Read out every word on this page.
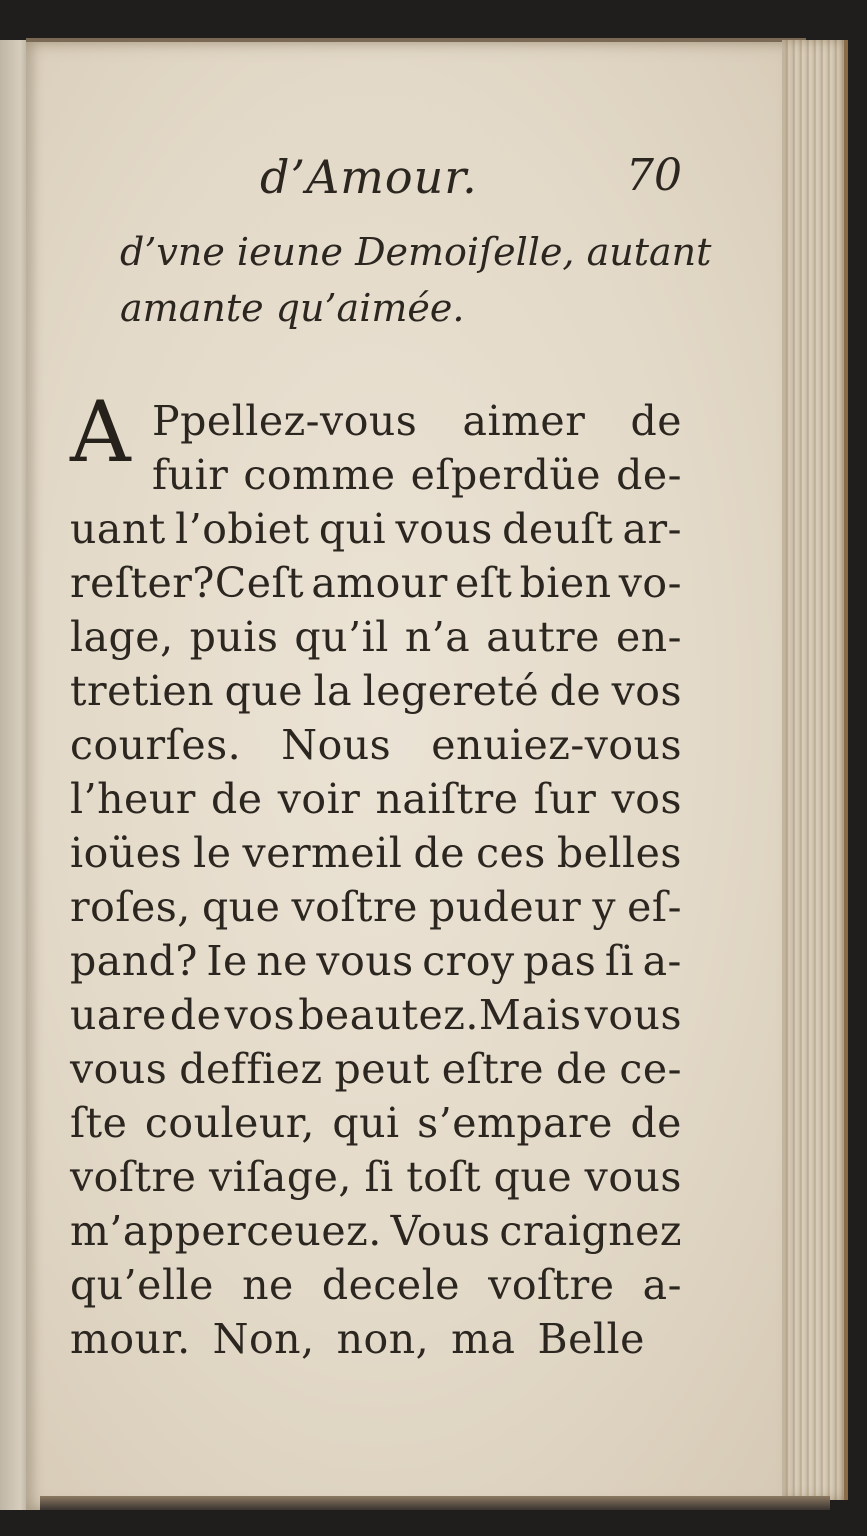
d’Amour.	70
d’vne ieune Demoiſelle, autant
amante qu’aimée.
A Ppellez-vous aimer de
fuir comme eſperdüe de-
uant l’obiet qui vous deuſt ar-
reſter?Ceſt amour eſt bien vo-
lage, puis qu’il n’a autre en-
tretien que la legereté de vos
courſes. Nous enuiez-vous
l’heur de voir naiſtre ſur vos
ioües le vermeil de ces belles
roſes, que voſtre pudeur y eſ-
pand? Ie ne vous croy pas ſi a-
uare de vos beautez.Mais vous
vous deffiez peut eſtre de ce-
ſte couleur, qui s’empare de
voſtre viſage, ſi toſt que vous
m’apperceuez. Vous craignez
qu’elle ne decele voſtre a-
mour. Non, non, ma Belle
